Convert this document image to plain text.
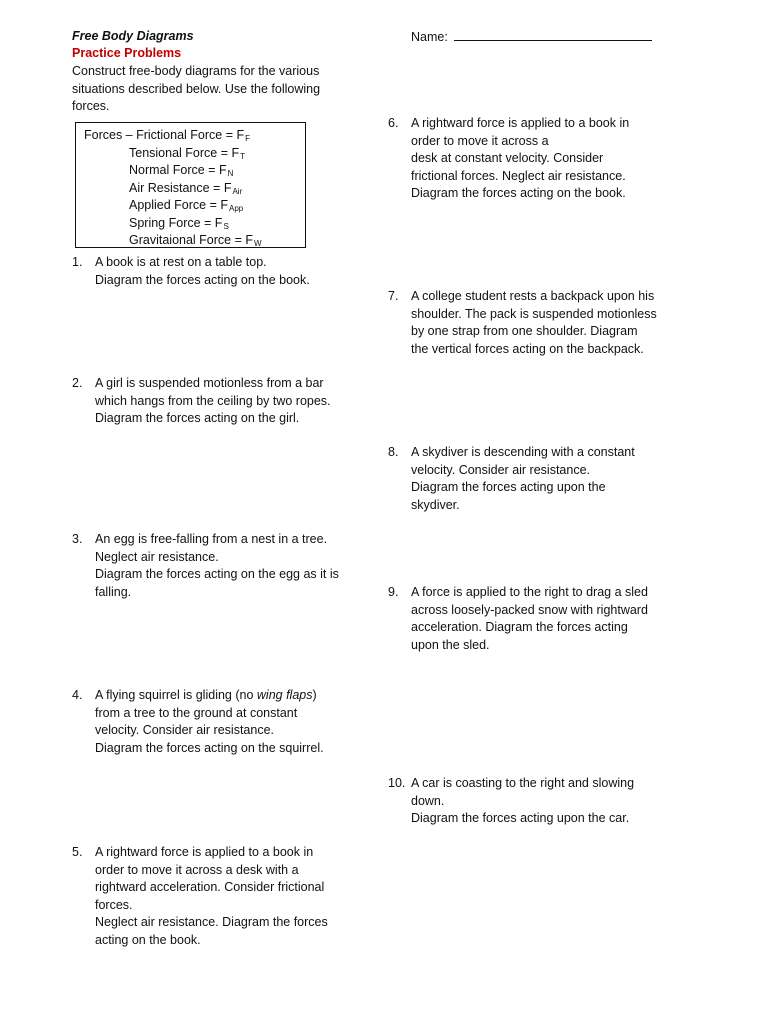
Free Body Diagrams
Practice Problems
Construct free-body diagrams for the various
situations described below. Use the following
forces.
Name:
Forces – Frictional Force = $F_F$
Tensional Force = $F_T$
Normal Force = $F_N$
Air Resistance = $F_{Air}$
Applied Force = $F_{App}$
Spring Force = $F_S$
Gravitaional Force = $F_W$
1. A book is at rest on a table top.
Diagram the forces acting on the book.
2. A girl is suspended motionless from a bar
which hangs from the ceiling by two ropes.
Diagram the forces acting on the girl.
3. An egg is free-falling from a nest in a tree.
Neglect air resistance.
Diagram the forces acting on the egg as it is
falling.
4. A flying squirrel is gliding (no wing flaps)
from a tree to the ground at constant
velocity. Consider air resistance.
Diagram the forces acting on the squirrel.
5. A rightward force is applied to a book in
order to move it across a desk with a
rightward acceleration. Consider frictional
forces.
Neglect air resistance. Diagram the forces
acting on the book.
6. A rightward force is applied to a book in
order to move it across a
desk at constant velocity. Consider
frictional forces. Neglect air resistance.
Diagram the forces acting on the book.
7. A college student rests a backpack upon his
shoulder. The pack is suspended motionless
by one strap from one shoulder. Diagram
the vertical forces acting on the backpack.
8. A skydiver is descending with a constant
velocity. Consider air resistance.
Diagram the forces acting upon the
skydiver.
9. A force is applied to the right to drag a sled
across loosely-packed snow with rightward
acceleration. Diagram the forces acting
upon the sled.
10. A car is coasting to the right and slowing
down.
Diagram the forces acting upon the car.
